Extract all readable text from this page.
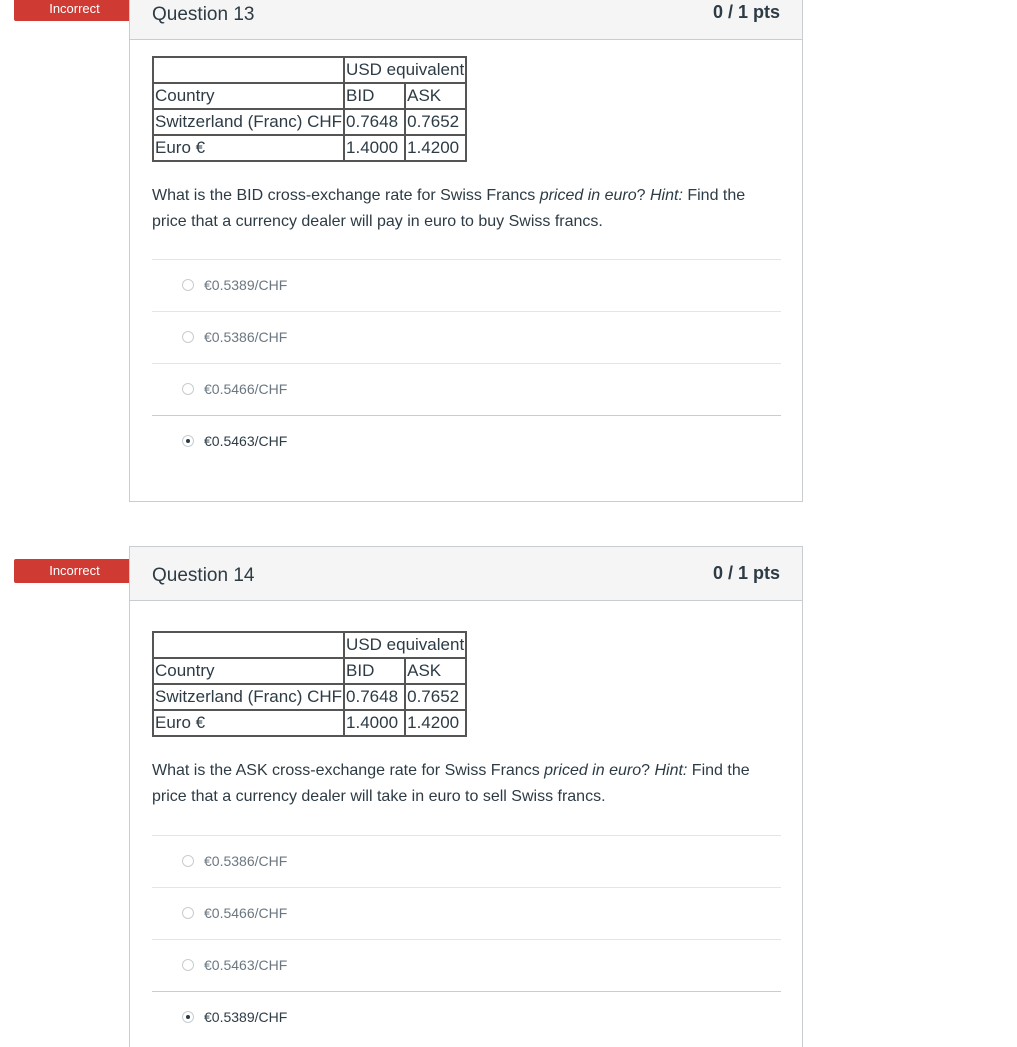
Incorrect	Question 13	0 / 1 pts
	USD equivalent	
Country	BID	ASK
Switzerland (Franc) CHF	0.7648	0.7652
Euro €	1.4000	1.4200
What is the BID cross-exchange rate for Swiss Francs priced in euro? Hint: Find the price that a currency dealer will pay in euro to buy Swiss francs.
€0.5389/CHF
€0.5386/CHF
€0.5466/CHF
€0.5463/CHF
Incorrect	Question 14	0 / 1 pts
	USD equivalent	
Country	BID	ASK
Switzerland (Franc) CHF	0.7648	0.7652
Euro €	1.4000	1.4200
What is the ASK cross-exchange rate for Swiss Francs priced in euro? Hint: Find the price that a currency dealer will take in euro to sell Swiss francs.
€0.5386/CHF
€0.5466/CHF
€0.5463/CHF
€0.5389/CHF
